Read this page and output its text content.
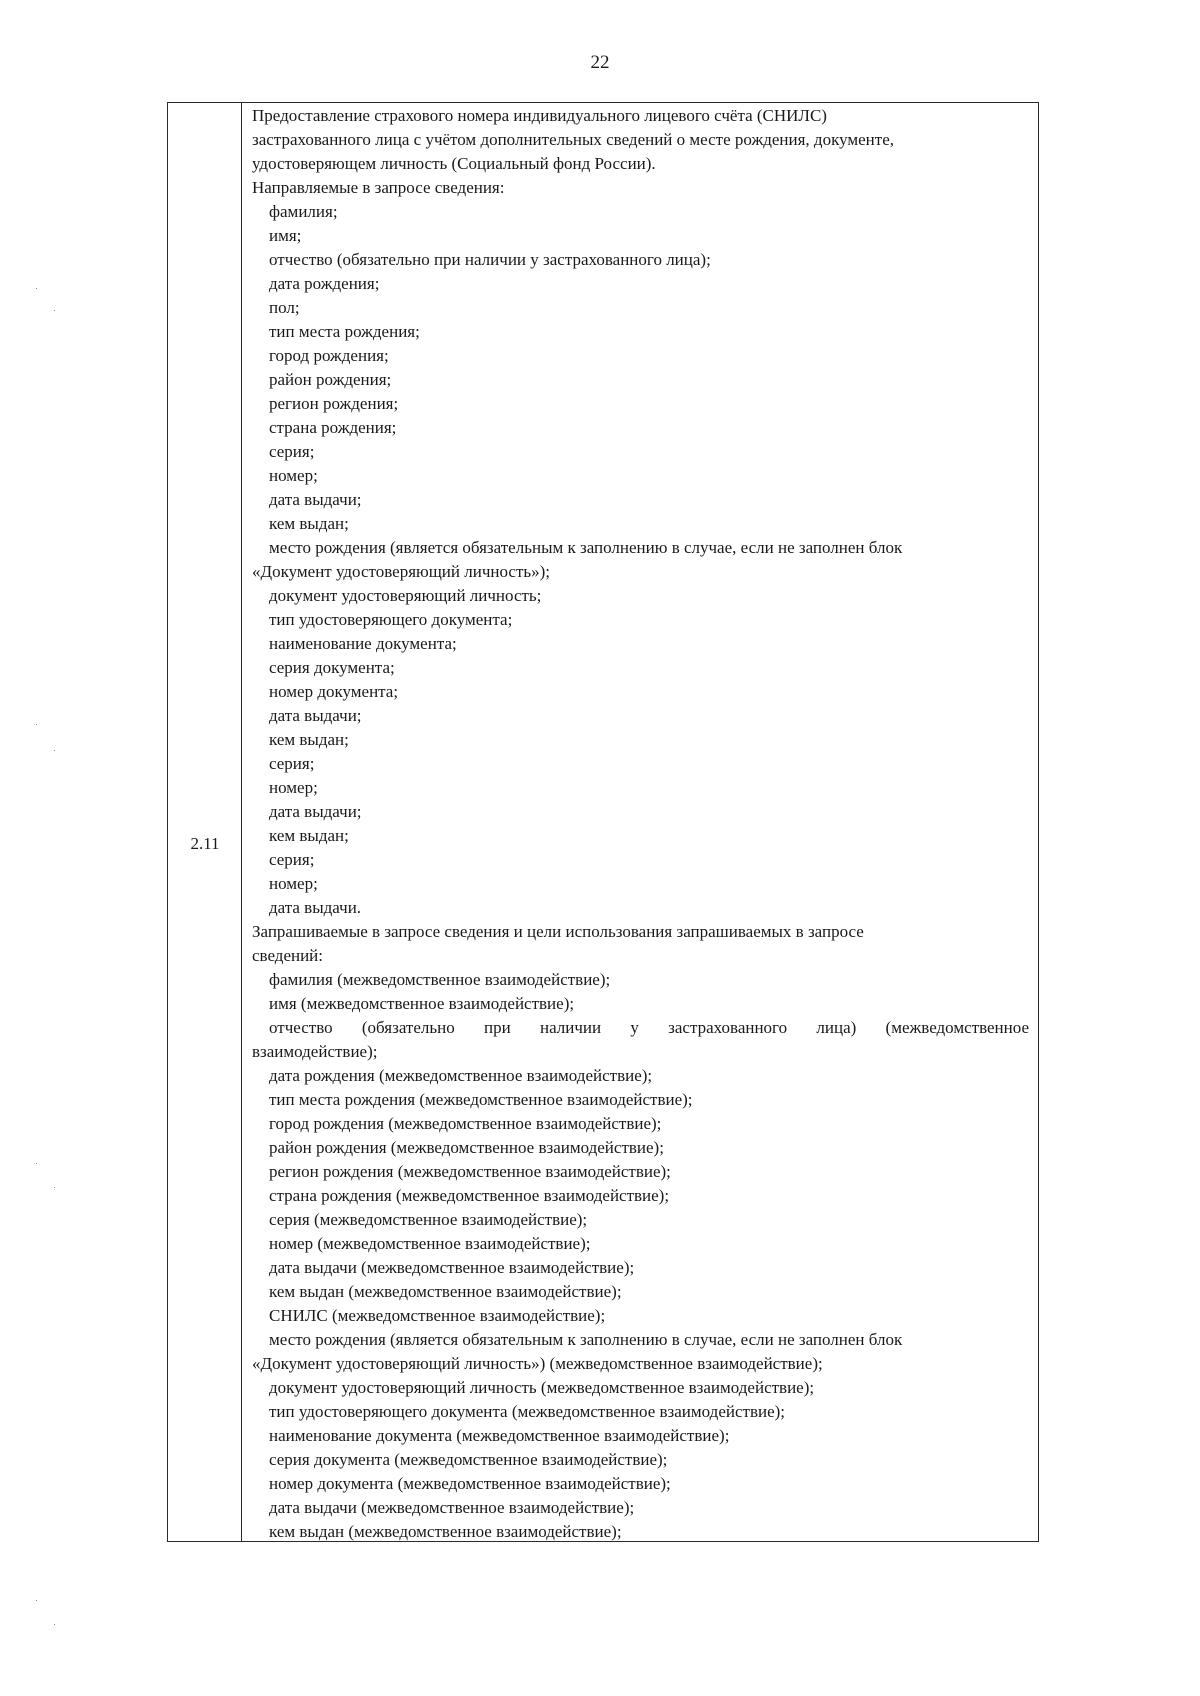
22
2.11

Предоставление страхового номера индивидуального лицевого счёта (СНИЛС)

застрахованного лица с учётом дополнительных сведений о месте рождения, документе,

удостоверяющем личность (Социальный фонд России).

Направляемые в запросе сведения:

фамилия;

имя;

отчество (обязательно при наличии у застрахованного лица);

дата рождения;

пол;

тип места рождения;

город рождения;

район рождения;

регион рождения;

страна рождения;

серия;

номер;

дата выдачи;

кем выдан;

место рождения (является обязательным к заполнению в случае, если не заполнен блок

«Документ удостоверяющий личность»);

документ удостоверяющий личность;

тип удостоверяющего документа;

наименование документа;

серия документа;

номер документа;

дата выдачи;

кем выдан;

серия;

номер;

дата выдачи;

кем выдан;

серия;

номер;

дата выдачи.

Запрашиваемые в запросе сведения и цели использования запрашиваемых в запросе

сведений:

фамилия (межведомственное взаимодействие);

имя (межведомственное взаимодействие);

отчество (обязательно при наличии у застрахованного лица) (межведомственное

взаимодействие);

дата рождения (межведомственное взаимодействие);

тип места рождения (межведомственное взаимодействие);

город рождения (межведомственное взаимодействие);

район рождения (межведомственное взаимодействие);

регион рождения (межведомственное взаимодействие);

страна рождения (межведомственное взаимодействие);

серия (межведомственное взаимодействие);

номер (межведомственное взаимодействие);

дата выдачи (межведомственное взаимодействие);

кем выдан (межведомственное взаимодействие);

СНИЛС (межведомственное взаимодействие);

место рождения (является обязательным к заполнению в случае, если не заполнен блок

«Документ удостоверяющий личность») (межведомственное взаимодействие);

документ удостоверяющий личность (межведомственное взаимодействие);

тип удостоверяющего документа (межведомственное взаимодействие);

наименование документа (межведомственное взаимодействие);

серия документа (межведомственное взаимодействие);

номер документа (межведомственное взаимодействие);

дата выдачи (межведомственное взаимодействие);

кем выдан (межведомственное взаимодействие);
